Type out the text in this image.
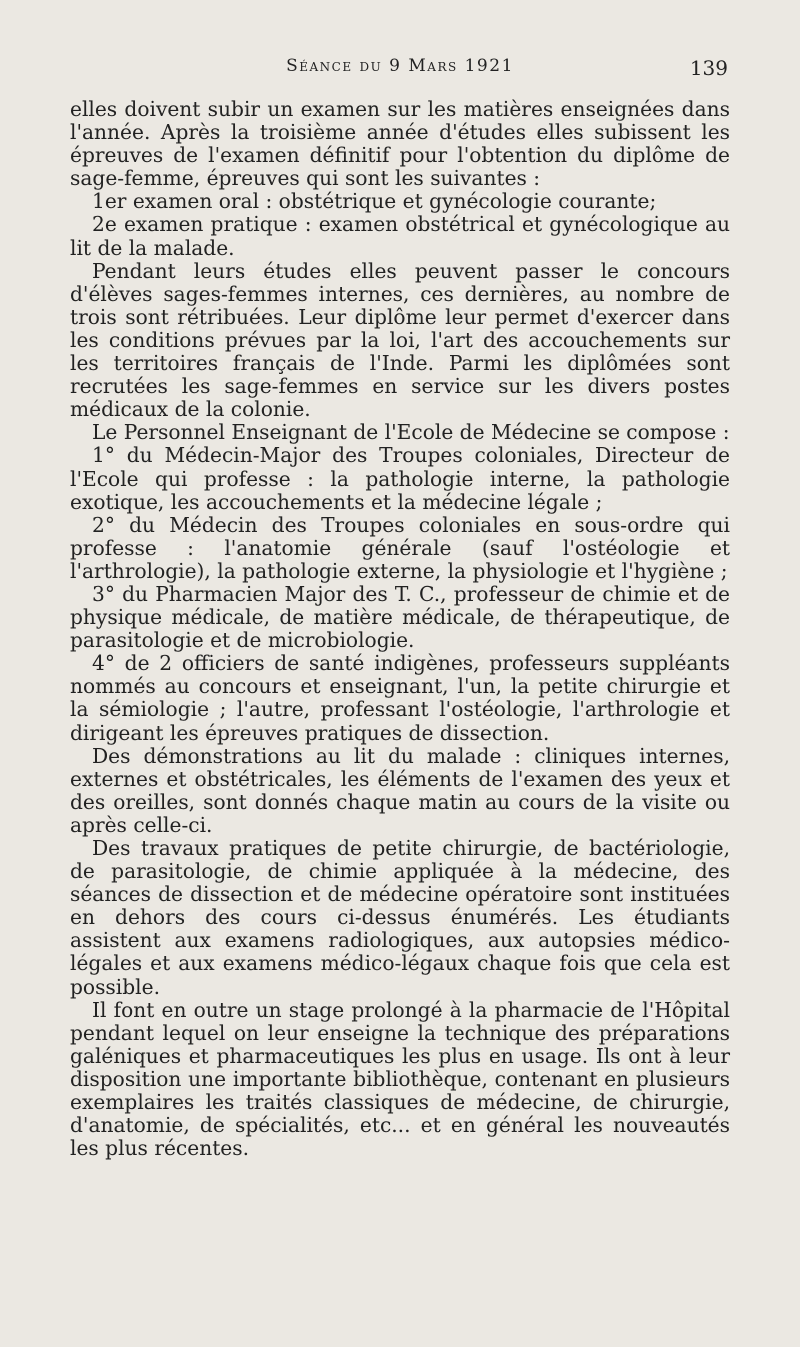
Séance du 9 Mars 1921	139

elles doivent subir un examen sur les matières enseignées dans l'année. Après la troisième année d'études elles subissent les épreuves de l'examen définitif pour l'obtention du diplôme de sage-femme, épreuves qui sont les suivantes :

1er examen oral : obstétrique et gynécologie courante;

2e examen pratique : examen obstétrical et gynécologique au lit de la malade.

Pendant leurs études elles peuvent passer le concours d'élèves sages-femmes internes, ces dernières, au nombre de trois sont rétribuées. Leur diplôme leur permet d'exercer dans les conditions prévues par la loi, l'art des accouchements sur les territoires français de l'Inde. Parmi les diplômées sont recrutées les sage-femmes en service sur les divers postes médicaux de la colonie.

Le Personnel Enseignant de l'Ecole de Médecine se compose :

1° du Médecin-Major des Troupes coloniales, Directeur de l'Ecole qui professe : la pathologie interne, la pathologie exotique, les accouchements et la médecine légale ;

2° du Médecin des Troupes coloniales en sous-ordre qui professe : l'anatomie générale (sauf l'ostéologie et l'arthrologie), la pathologie externe, la physiologie et l'hygiène ;

3° du Pharmacien Major des T. C., professeur de chimie et de physique médicale, de matière médicale, de thérapeutique, de parasitologie et de microbiologie.

4° de 2 officiers de santé indigènes, professeurs suppléants nommés au concours et enseignant, l'un, la petite chirurgie et la sémiologie ; l'autre, professant l'ostéologie, l'arthrologie et dirigeant les épreuves pratiques de dissection.

Des démonstrations au lit du malade : cliniques internes, externes et obstétricales, les éléments de l'examen des yeux et des oreilles, sont donnés chaque matin au cours de la visite ou après celle-ci.

Des travaux pratiques de petite chirurgie, de bactériologie, de parasitologie, de chimie appliquée à la médecine, des séances de dissection et de médecine opératoire sont instituées en dehors des cours ci-dessus énumérés. Les étudiants assistent aux examens radiologiques, aux autopsies médico-légales et aux examens médico-légaux chaque fois que cela est possible.

Il font en outre un stage prolongé à la pharmacie de l'Hôpital pendant lequel on leur enseigne la technique des préparations galéniques et pharmaceutiques les plus en usage. Ils ont à leur disposition une importante bibliothèque, contenant en plusieurs exemplaires les traités classiques de médecine, de chirurgie, d'anatomie, de spécialités, etc... et en général les nouveautés les plus récentes.
